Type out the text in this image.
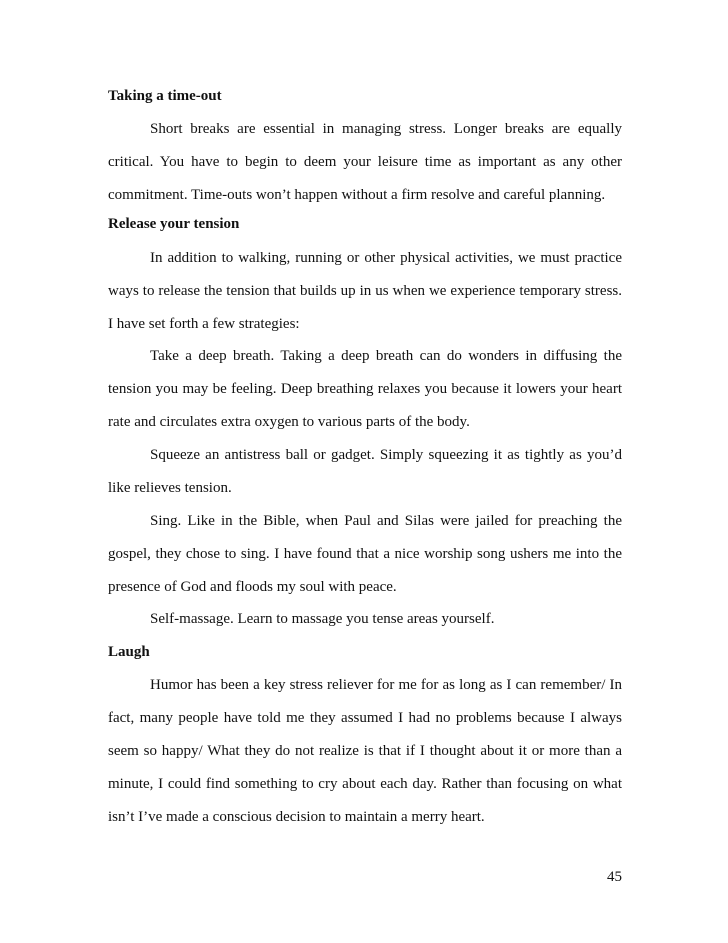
Taking a time-out

Short breaks are essential in managing stress. Longer breaks are equally critical. You have to begin to deem your leisure time as important as any other commitment. Time-outs won’t happen without a firm resolve and careful planning.

Release your tension

In addition to walking, running or other physical activities, we must practice ways to release the tension that builds up in us when we experience temporary stress. I have set forth a few strategies:

Take a deep breath. Taking a deep breath can do wonders in diffusing the tension you may be feeling. Deep breathing relaxes you because it lowers your heart rate and circulates extra oxygen to various parts of the body.

Squeeze an antistress ball or gadget. Simply squeezing it as tightly as you’d like relieves tension.

Sing. Like in the Bible, when Paul and Silas were jailed for preaching the gospel, they chose to sing. I have found that a nice worship song ushers me into the presence of God and floods my soul with peace.

Self-massage. Learn to massage you tense areas yourself.

Laugh

Humor has been a key stress reliever for me for as long as I can remember/ In fact, many people have told me they assumed I had no problems because I always seem so happy/ What they do not realize is that if I thought about it or more than a minute, I could find something to cry about each day. Rather than focusing on what isn’t I’ve made a conscious decision to maintain a merry heart.

45
